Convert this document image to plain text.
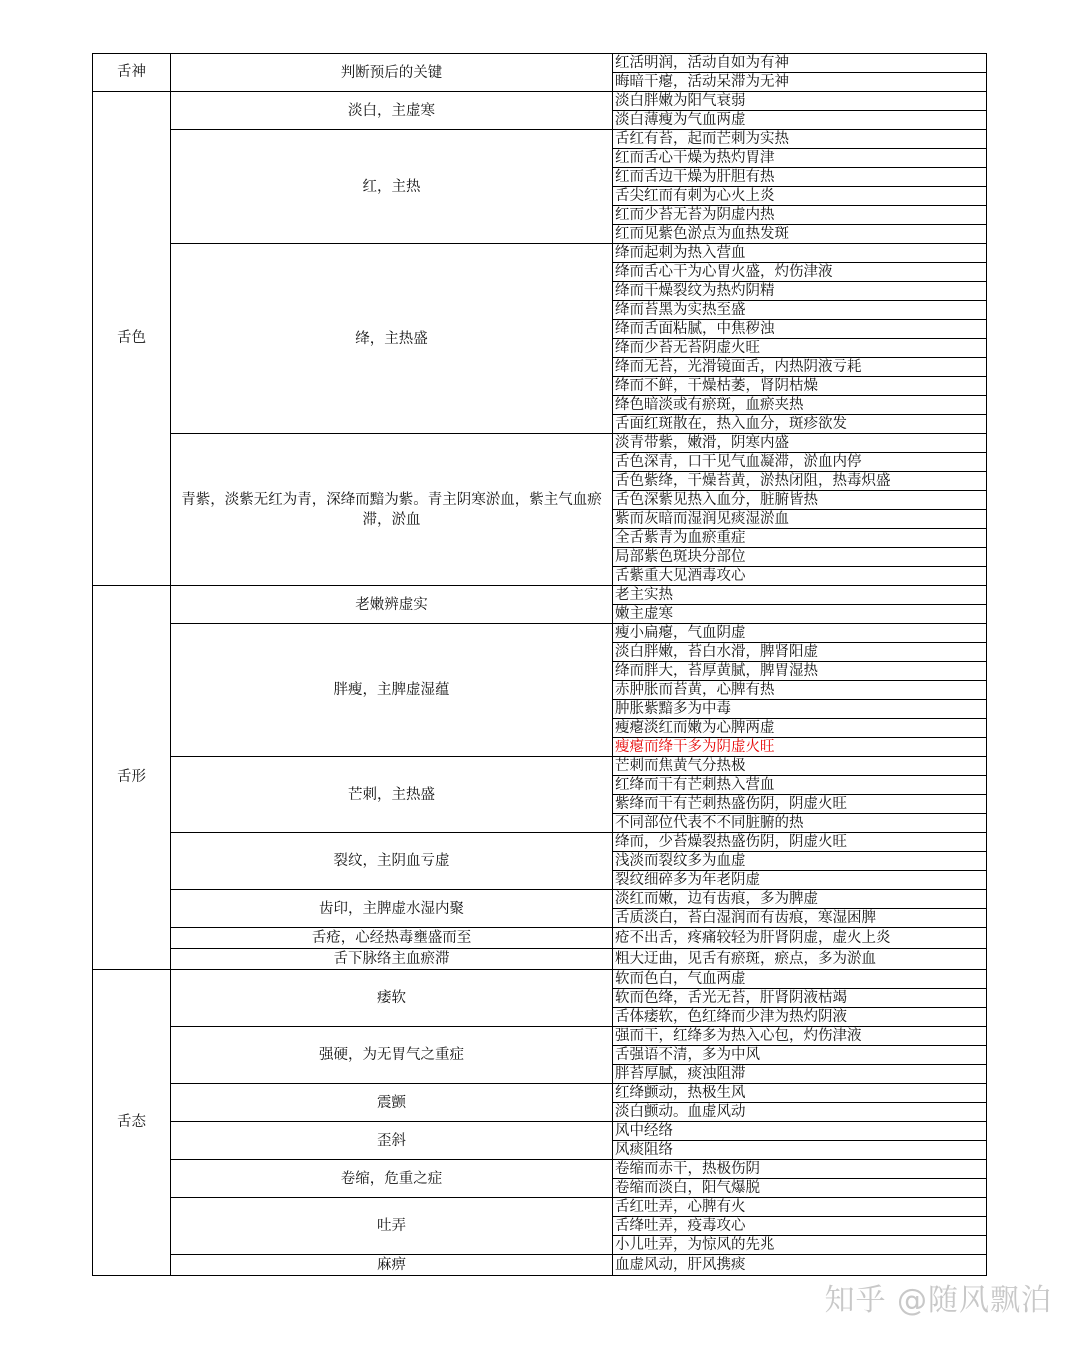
舌神	判断预后的关键	红活明润，活动自如为有神
		晦暗干瘪，活动呆滞为无神
舌色	淡白，主虚寒	淡白胖嫩为阳气衰弱
		淡白薄瘦为气血两虚
	红，主热	舌红有苔，起而芒刺为实热
		红而舌心干燥为热灼胃津
		红而舌边干燥为肝胆有热
		舌尖红而有刺为心火上炎
		红而少苔无苔为阴虚内热
		红而见紫色淤点为血热发斑
	绛，主热盛	绛而起刺为热入营血
		绛而舌心干为心胃火盛，灼伤津液
		绛而干燥裂纹为热灼阴精
		绛而苔黑为实热至盛
		绛而舌面粘腻，中焦秽浊
		绛而少苔无苔阴虚火旺
		绛而无苔，光滑镜面舌，内热阴液亏耗
		绛而不鲜，干燥枯萎，肾阴枯燥
		绛色暗淡或有瘀斑，血瘀夹热
		舌面红斑散在，热入血分，斑疹欲发
	青紫，淡紫无红为青，深绛而黯为紫。青主阴寒淤血，紫主气血瘀滞，淤血	淡青带紫，嫩滑，阴寒内盛
		舌色深青，口干见气血凝滞，淤血内停
		舌色紫绛，干燥苔黄，淤热闭阻，热毒炽盛
		舌色深紫见热入血分，脏腑皆热
		紫而灰暗而湿润见痰湿淤血
		全舌紫青为血瘀重症
		局部紫色斑块分部位
		舌紫重大见酒毒攻心
舌形	老嫩辨虚实	老主实热
		嫩主虚寒
	胖瘦，主脾虚湿蕴	瘦小扁瘪，气血阴虚
		淡白胖嫩，苔白水滑，脾肾阳虚
		绛而胖大，苔厚黄腻，脾胃湿热
		赤肿胀而苔黄，心脾有热
		肿胀紫黯多为中毒
		瘦瘪淡红而嫩为心脾两虚
		瘦瘪而绛干多为阴虚火旺
	芒刺，主热盛	芒刺而焦黄气分热极
		红绛而干有芒刺热入营血
		紫绛而干有芒刺热盛伤阴，阴虚火旺
		不同部位代表不不同脏腑的热
	裂纹，主阴血亏虚	绛而，少苔燥裂热盛伤阴，阴虚火旺
		浅淡而裂纹多为血虚
		裂纹细碎多为年老阴虚
	齿印，主脾虚水湿内聚	淡红而嫩，边有齿痕，多为脾虚
		舌质淡白，苔白湿润而有齿痕，寒湿困脾
	舌疮，心经热毒壅盛而至	疮不出舌，疼痛较轻为肝肾阴虚，虚火上炎
	舌下脉络主血瘀滞	粗大迂曲，见舌有瘀斑，瘀点，多为淤血
舌态	痿软	软而色白，气血两虚
		软而色绛，舌光无苔，肝肾阴液枯竭
		舌体痿软，色红绛而少津为热灼阴液
	强硬，为无胃气之重症	强而干，红绛多为热入心包，灼伤津液
		舌强语不清，多为中风
		胖苔厚腻，痰浊阻滞
	震颤	红绛颤动，热极生风
		淡白颤动。血虚风动
	歪斜	风中经络
		风痰阻络
	卷缩，危重之症	卷缩而赤干，热极伤阴
		卷缩而淡白，阳气爆脱
	吐弄	舌红吐弄，心脾有火
		舌绛吐弄，疫毒攻心
		小儿吐弄，为惊风的先兆
	麻痹	血虚风动，肝风携痰
知乎 @随风飘泊
